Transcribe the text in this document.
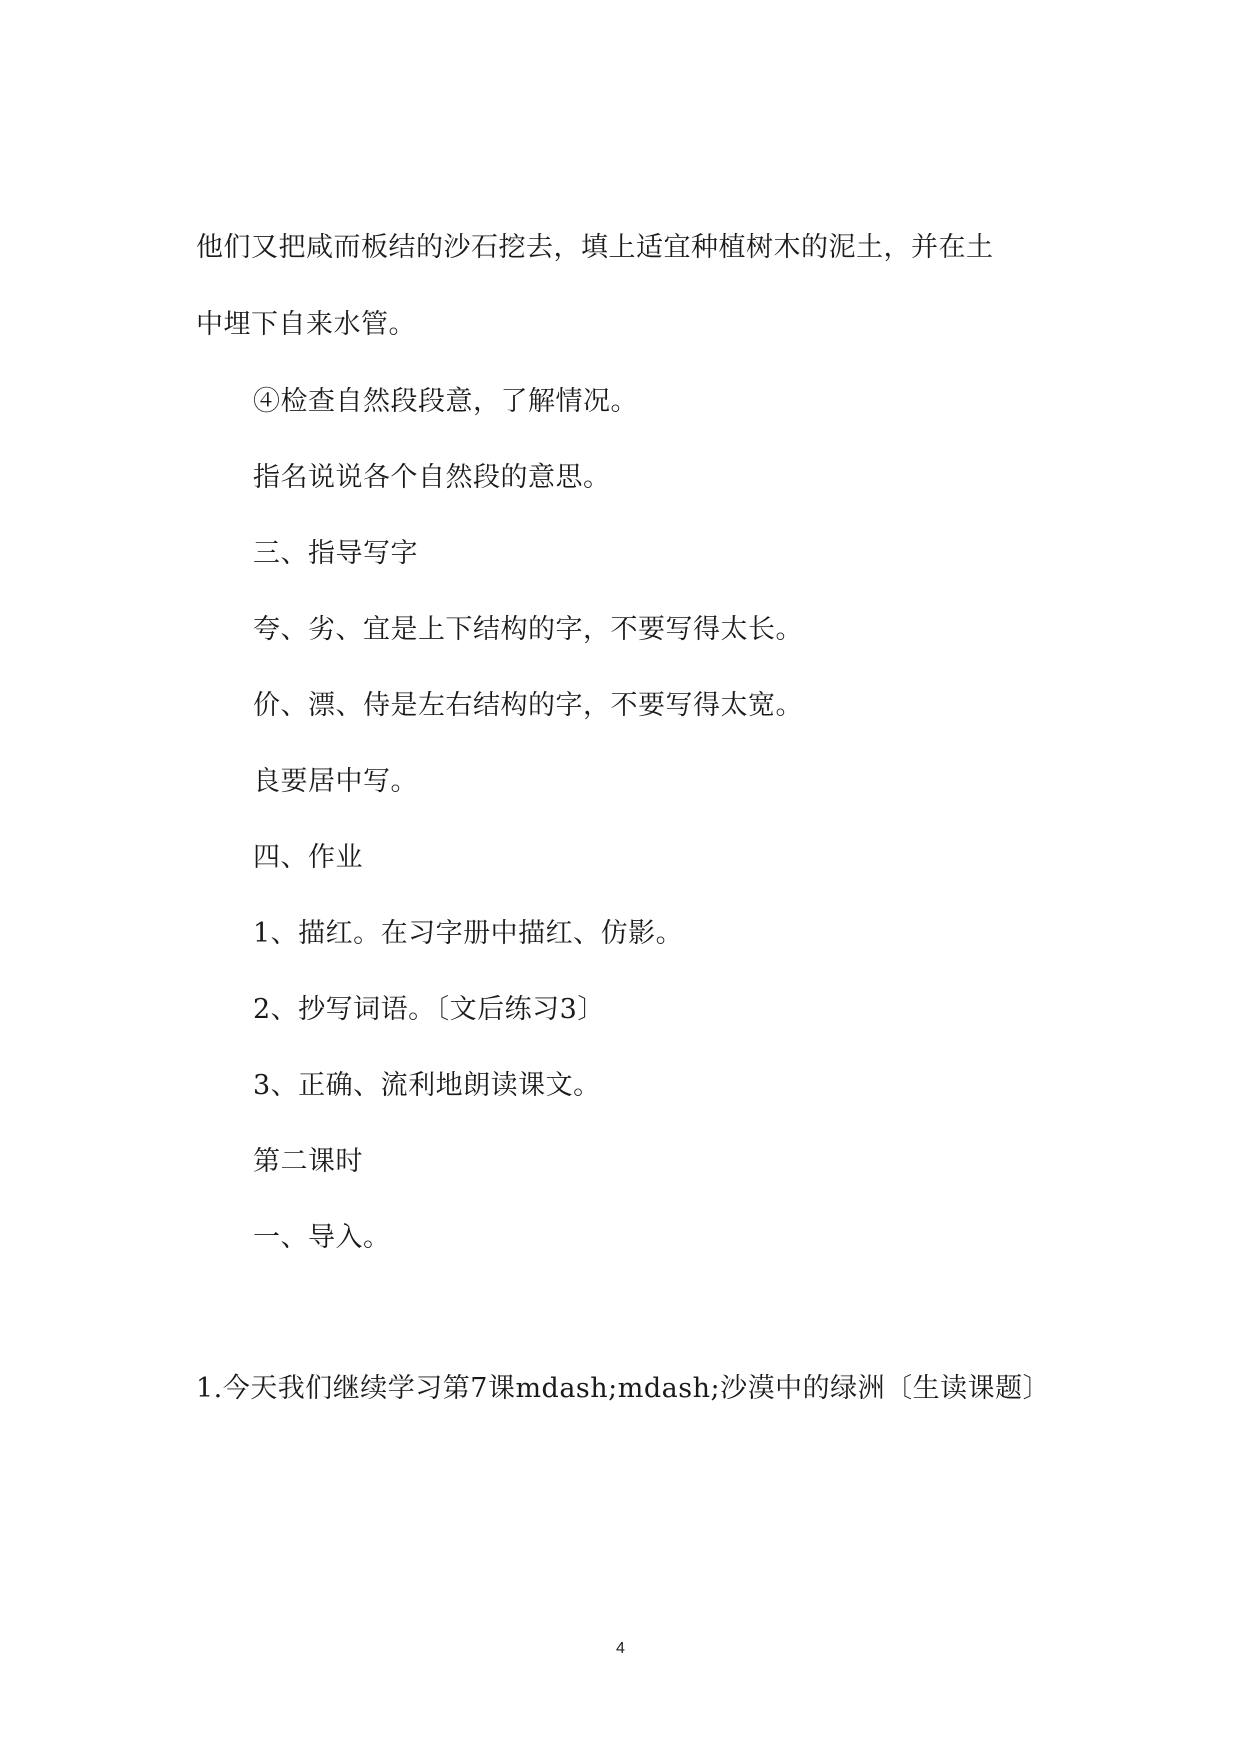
他们又把咸而板结的沙石挖去，填上适宜种植树木的泥土，并在土
中埋下自来水管。
④检查自然段段意，了解情况。
指名说说各个自然段的意思。
三、指导写字
夸、劣、宜是上下结构的字，不要写得太长。
价、漂、侍是左右结构的字，不要写得太宽。
良要居中写。
四、作业
1、描红。在习字册中描红、仿影。
2、抄写词语。〔文后练习3〕
3、正确、流利地朗读课文。
第二课时
一、导入。
1.今天我们继续学习第7课mdash;mdash;沙漠中的绿洲〔生读课题〕
4
